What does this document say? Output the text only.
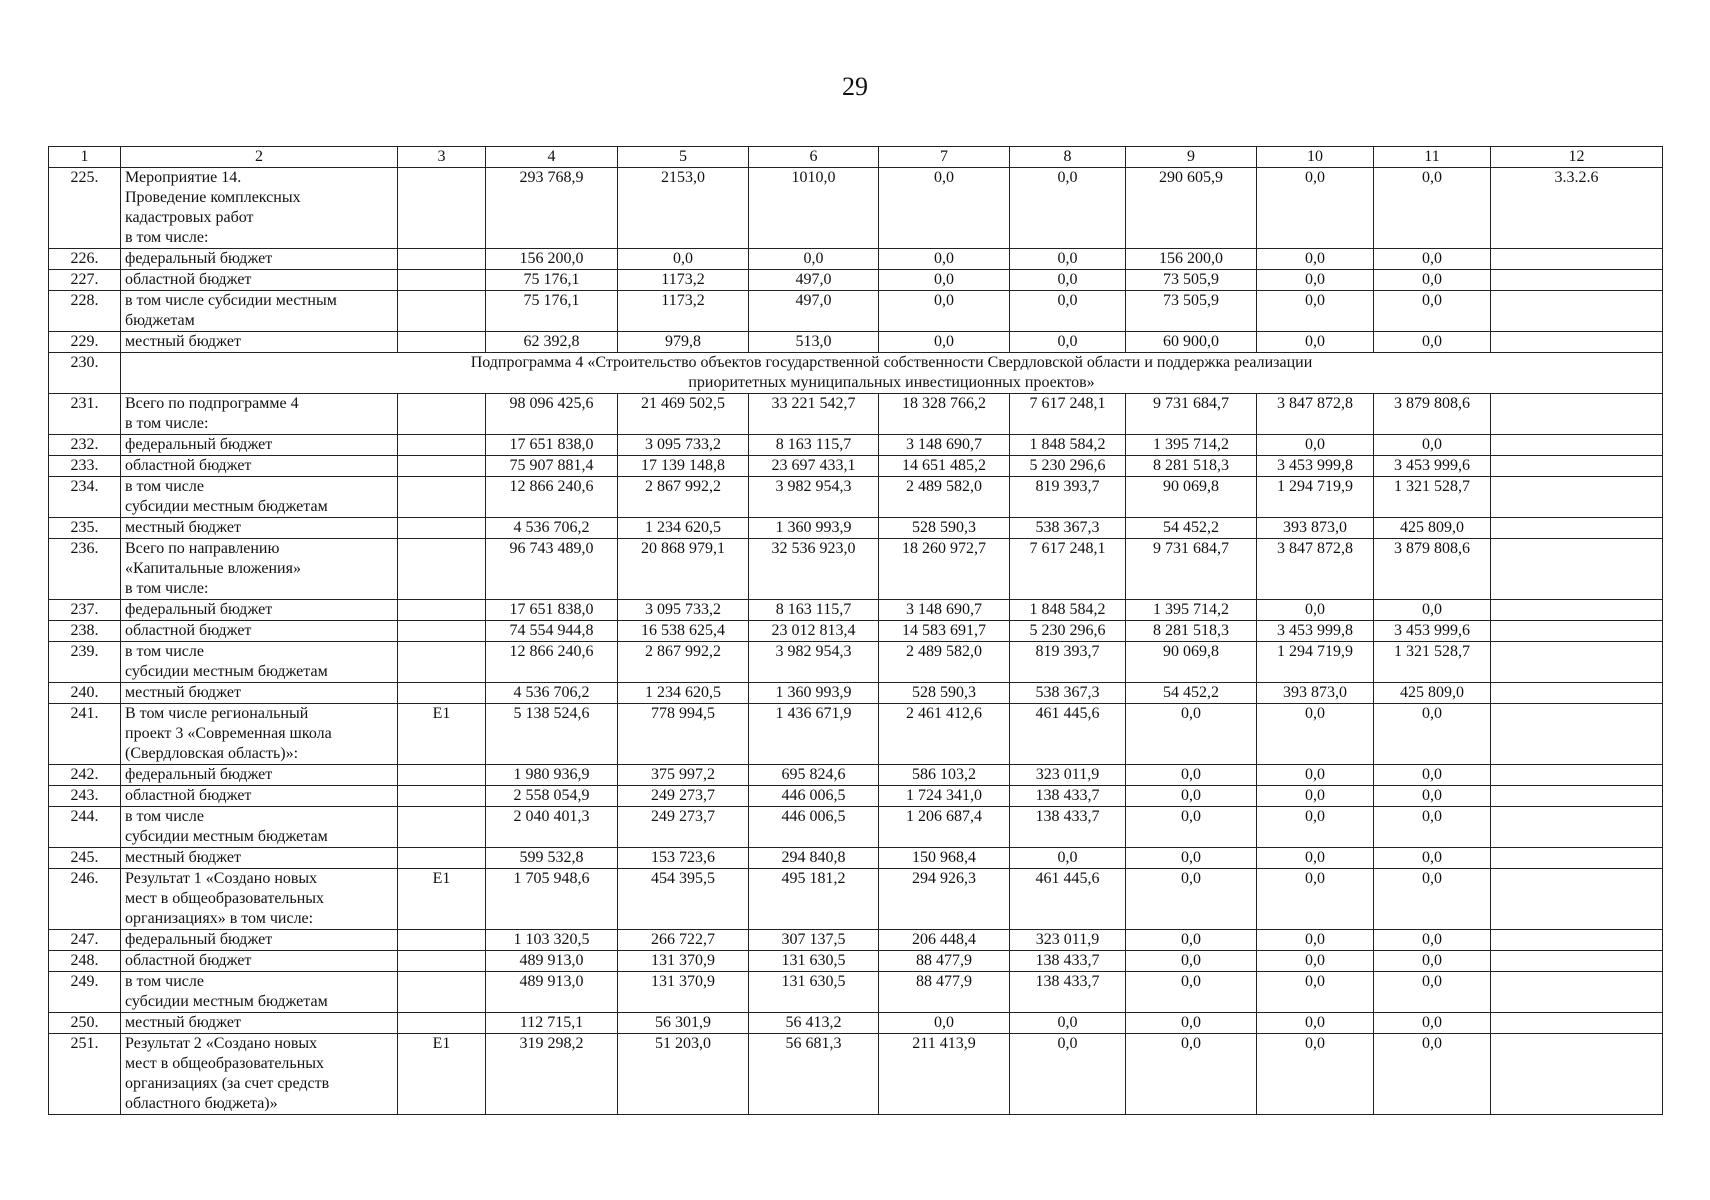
29
1	2	3	4	5	6	7	8	9	10	11	12
225.	Мероприятие 14.
Проведение комплексных
кадастровых работ
в том числе:		293 768,9	2153,0	1010,0	0,0	0,0	290 605,9	0,0	0,0	3.3.2.6
226.	федеральный бюджет		156 200,0	0,0	0,0	0,0	0,0	156 200,0	0,0	0,0	
227.	областной бюджет		75 176,1	1173,2	497,0	0,0	0,0	73 505,9	0,0	0,0	
228.	в том числе субсидии местным
бюджетам		75 176,1	1173,2	497,0	0,0	0,0	73 505,9	0,0	0,0	
229.	местный бюджет		62 392,8	979,8	513,0	0,0	0,0	60 900,0	0,0	0,0	
230.	Подпрограмма 4 «Строительство объектов государственной собственности Свердловской области и поддержка реализации
приоритетных муниципальных инвестиционных проектов»										
231.	Всего по подпрограмме 4
в том числе:		98 096 425,6	21 469 502,5	33 221 542,7	18 328 766,2	7 617 248,1	9 731 684,7	3 847 872,8	3 879 808,6	
232.	федеральный бюджет		17 651 838,0	3 095 733,2	8 163 115,7	3 148 690,7	1 848 584,2	1 395 714,2	0,0	0,0	
233.	областной бюджет		75 907 881,4	17 139 148,8	23 697 433,1	14 651 485,2	5 230 296,6	8 281 518,3	3 453 999,8	3 453 999,6	
234.	в том числе
субсидии местным бюджетам		12 866 240,6	2 867 992,2	3 982 954,3	2 489 582,0	819 393,7	90 069,8	1 294 719,9	1 321 528,7	
235.	местный бюджет		4 536 706,2	1 234 620,5	1 360 993,9	528 590,3	538 367,3	54 452,2	393 873,0	425 809,0	
236.	Всего по направлению
«Капитальные вложения»
в том числе:		96 743 489,0	20 868 979,1	32 536 923,0	18 260 972,7	7 617 248,1	9 731 684,7	3 847 872,8	3 879 808,6	
237.	федеральный бюджет		17 651 838,0	3 095 733,2	8 163 115,7	3 148 690,7	1 848 584,2	1 395 714,2	0,0	0,0	
238.	областной бюджет		74 554 944,8	16 538 625,4	23 012 813,4	14 583 691,7	5 230 296,6	8 281 518,3	3 453 999,8	3 453 999,6	
239.	в том числе
субсидии местным бюджетам		12 866 240,6	2 867 992,2	3 982 954,3	2 489 582,0	819 393,7	90 069,8	1 294 719,9	1 321 528,7	
240.	местный бюджет		4 536 706,2	1 234 620,5	1 360 993,9	528 590,3	538 367,3	54 452,2	393 873,0	425 809,0	
241.	В том числе региональный
проект 3 «Современная школа
(Свердловская область)»:	Е1	5 138 524,6	778 994,5	1 436 671,9	2 461 412,6	461 445,6	0,0	0,0	0,0	
242.	федеральный бюджет		1 980 936,9	375 997,2	695 824,6	586 103,2	323 011,9	0,0	0,0	0,0	
243.	областной бюджет		2 558 054,9	249 273,7	446 006,5	1 724 341,0	138 433,7	0,0	0,0	0,0	
244.	в том числе
субсидии местным бюджетам		2 040 401,3	249 273,7	446 006,5	1 206 687,4	138 433,7	0,0	0,0	0,0	
245.	местный бюджет		599 532,8	153 723,6	294 840,8	150 968,4	0,0	0,0	0,0	0,0	
246.	Результат 1 «Создано новых
мест в общеобразовательных
организациях» в том числе:	Е1	1 705 948,6	454 395,5	495 181,2	294 926,3	461 445,6	0,0	0,0	0,0	
247.	федеральный бюджет		1 103 320,5	266 722,7	307 137,5	206 448,4	323 011,9	0,0	0,0	0,0	
248.	областной бюджет		489 913,0	131 370,9	131 630,5	88 477,9	138 433,7	0,0	0,0	0,0	
249.	в том числе
субсидии местным бюджетам		489 913,0	131 370,9	131 630,5	88 477,9	138 433,7	0,0	0,0	0,0	
250.	местный бюджет		112 715,1	56 301,9	56 413,2	0,0	0,0	0,0	0,0	0,0	
251.	Результат 2 «Создано новых
мест в общеобразовательных
организациях (за счет средств
областного бюджета)»	Е1	319 298,2	51 203,0	56 681,3	211 413,9	0,0	0,0	0,0	0,0	
